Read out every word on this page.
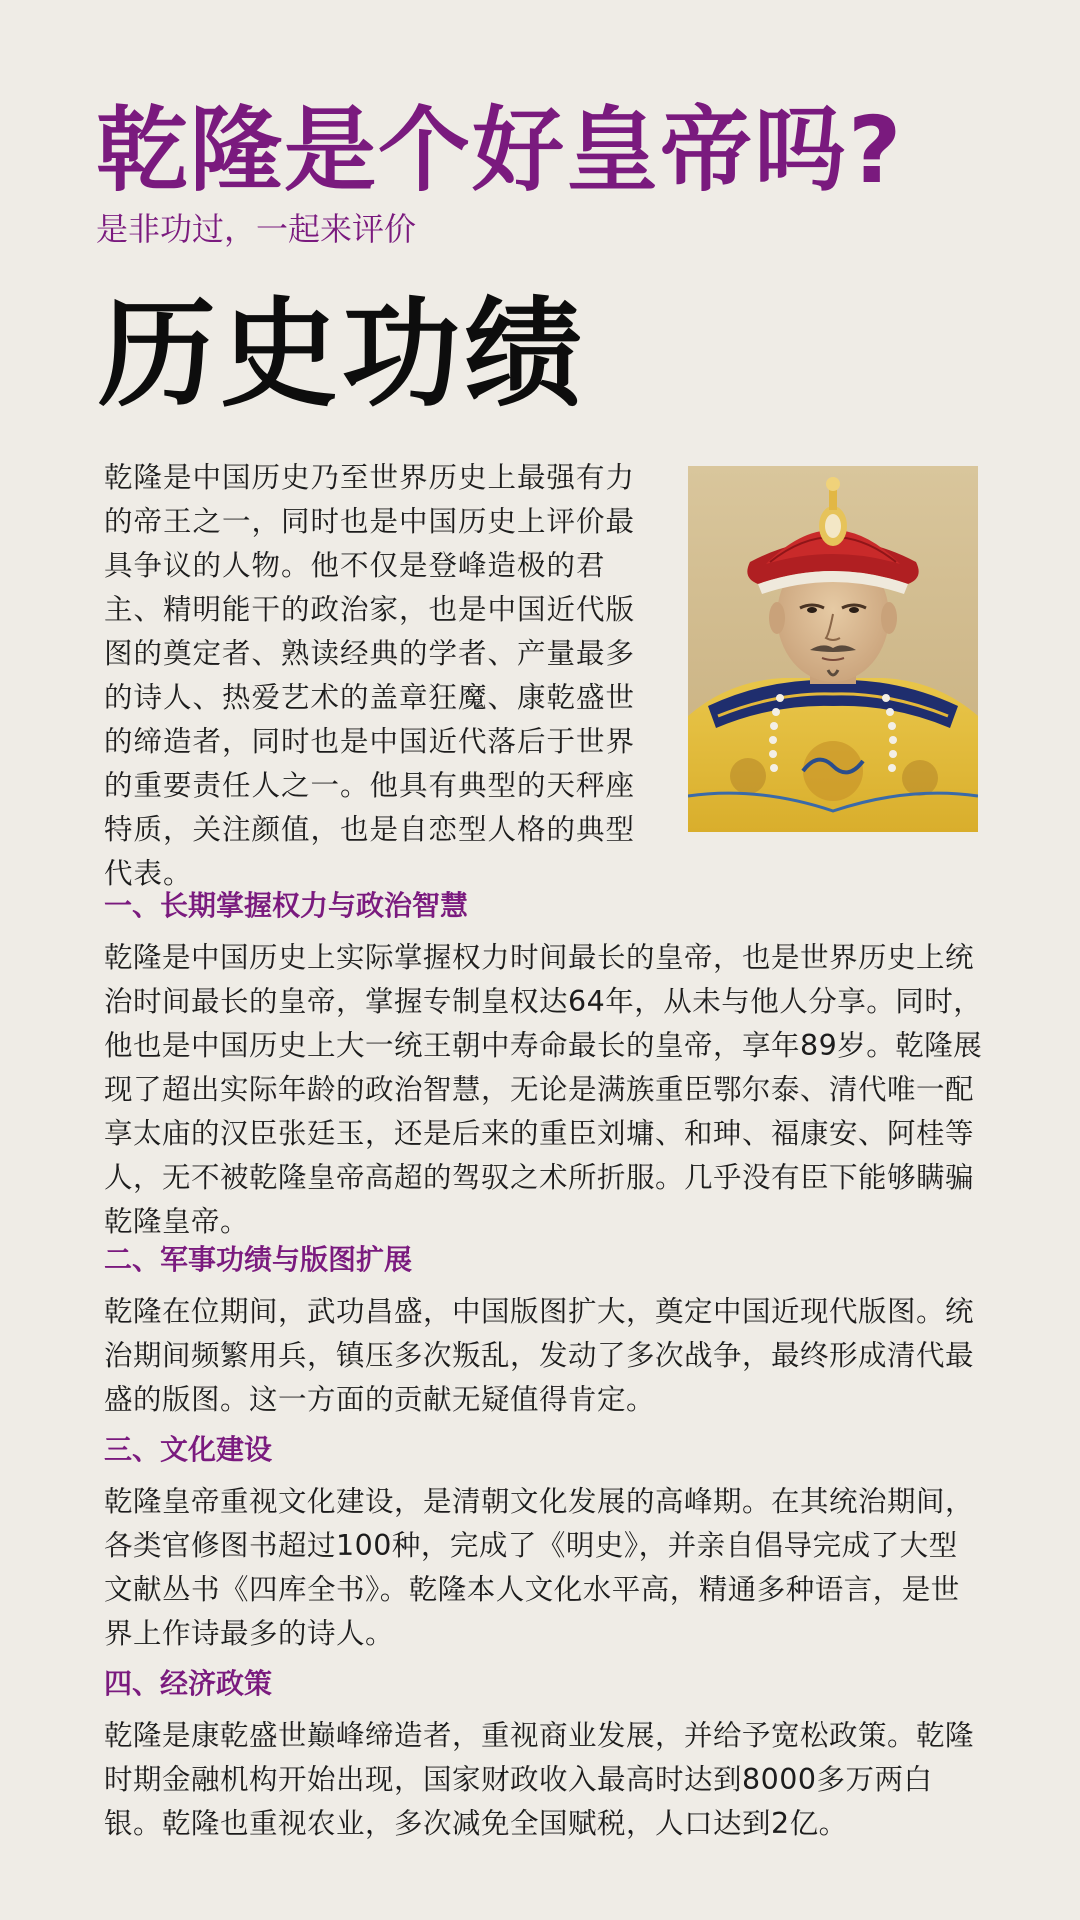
乾隆是个好皇帝吗?
是非功过，一起来评价
历史功绩

乾隆是中国历史乃至世界历史上最强有力的帝王之一，同时也是中国历史上评价最具争议的人物。他不仅是登峰造极的君主、精明能干的政治家，也是中国近代版图的奠定者、熟读经典的学者、产量最多的诗人、热爱艺术的盖章狂魔、康乾盛世的缔造者，同时也是中国近代落后于世界的重要责任人之一。他具有典型的天秤座特质，关注颜值，也是自恋型人格的典型代表。

一、长期掌握权力与政治智慧

乾隆是中国历史上实际掌握权力时间最长的皇帝，也是世界历史上统治时间最长的皇帝，掌握专制皇权达64年，从未与他人分享。同时，他也是中国历史上大一统王朝中寿命最长的皇帝，享年89岁。乾隆展现了超出实际年龄的政治智慧，无论是满族重臣鄂尔泰、清代唯一配享太庙的汉臣张廷玉，还是后来的重臣刘墉、和珅、福康安、阿桂等人，无不被乾隆皇帝高超的驾驭之术所折服。几乎没有臣下能够瞒骗乾隆皇帝。

二、军事功绩与版图扩展

乾隆在位期间，武功昌盛，中国版图扩大，奠定中国近现代版图。统治期间频繁用兵，镇压多次叛乱，发动了多次战争，最终形成清代最盛的版图。这一方面的贡献无疑值得肯定。

三、文化建设

乾隆皇帝重视文化建设，是清朝文化发展的高峰期。在其统治期间，各类官修图书超过100种，完成了《明史》，并亲自倡导完成了大型文献丛书《四库全书》。乾隆本人文化水平高，精通多种语言，是世界上作诗最多的诗人。

四、经济政策

乾隆是康乾盛世巅峰缔造者，重视商业发展，并给予宽松政策。乾隆时期金融机构开始出现，国家财政收入最高时达到8000多万两白银。乾隆也重视农业，多次减免全国赋税，人口达到2亿。
